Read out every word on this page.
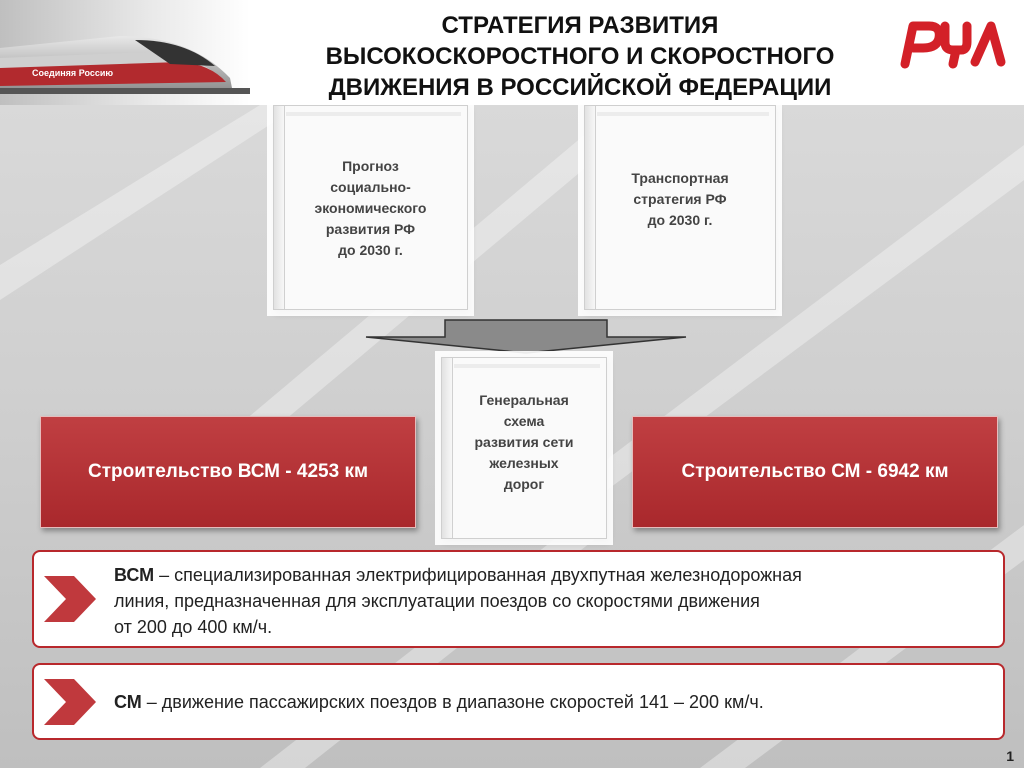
Соединяя Россию
СТРАТЕГИЯ РАЗВИТИЯ
ВЫСОКОСКОРОСТНОГО И СКОРОСТНОГО
ДВИЖЕНИЯ В РОССИЙСКОЙ ФЕДЕРАЦИИ
Прогноз
социально-
экономического
развития РФ
до 2030 г.
Транспортная
стратегия РФ
до 2030 г.
Генеральная
схема
развития сети
железных
дорог
Строительство ВСМ - 4253 км	Строительство СМ - 6942 км
ВСМ – специализированная электрифицированная двухпутная железнодорожная
линия, предназначенная для эксплуатации поездов со скоростями движения
от 200 до 400 км/ч.
СМ – движение пассажирских поездов в диапазоне скоростей 141 – 200 км/ч.
1
